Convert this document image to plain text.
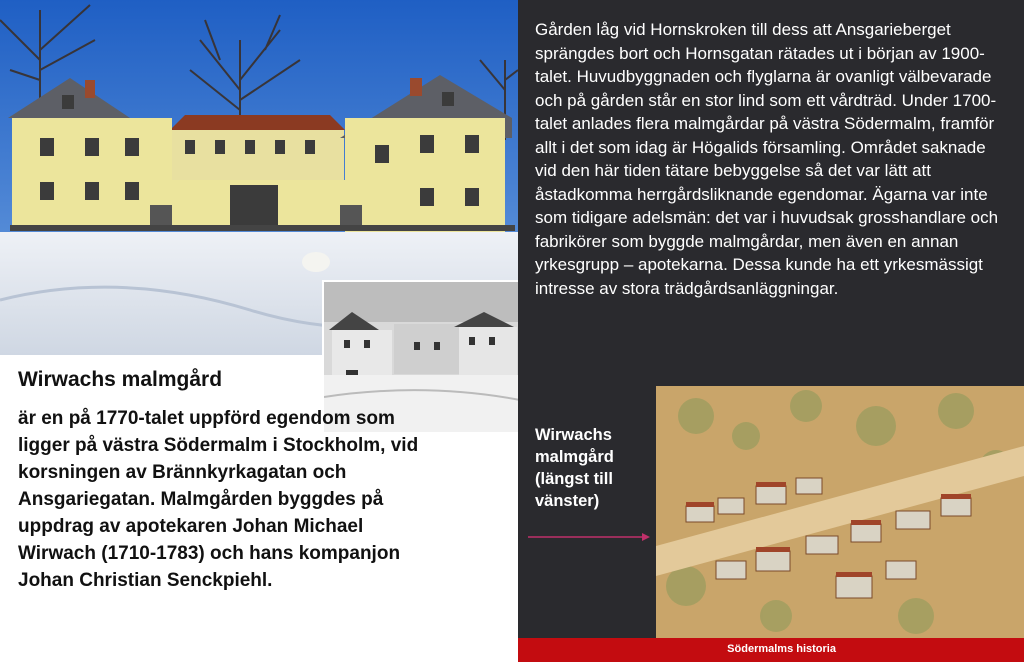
Wirwachs malmgård

är en på 1770-talet uppförd egendom som ligger på västra Södermalm i Stockholm, vid korsningen av Brännkyrkagatan och Ansgariegatan. Malmgården byggdes på uppdrag av apotekaren Johan Michael Wirwach (1710-1783) och hans kompanjon Johan Christian Senckpiehl.

Gården låg vid Hornskroken till dess att Ansgarieberget sprängdes bort och Hornsgatan rätades ut i början av 1900-talet. Huvudbyggnaden och flyglarna är ovanligt välbevarade och på gården står en stor lind som ett vårdträd. Under 1700-talet anlades flera malmgårdar på västra Södermalm, framför allt i det som idag är Högalids församling. Området saknade vid den här tiden tätare bebyggelse så det var lätt att åstadkomma herrgårdsliknande egendomar. Ägarna var inte som tidigare adelsmän: det var i huvudsak grosshandlare och fabrikörer som byggde malmgårdar, men även en annan yrkesgrupp – apotekarna. Dessa kunde ha ett yrkesmässigt intresse av stora trädgårdsanläggningar.

Wirwachs malmgård (längst till vänster)

Södermalms historia
